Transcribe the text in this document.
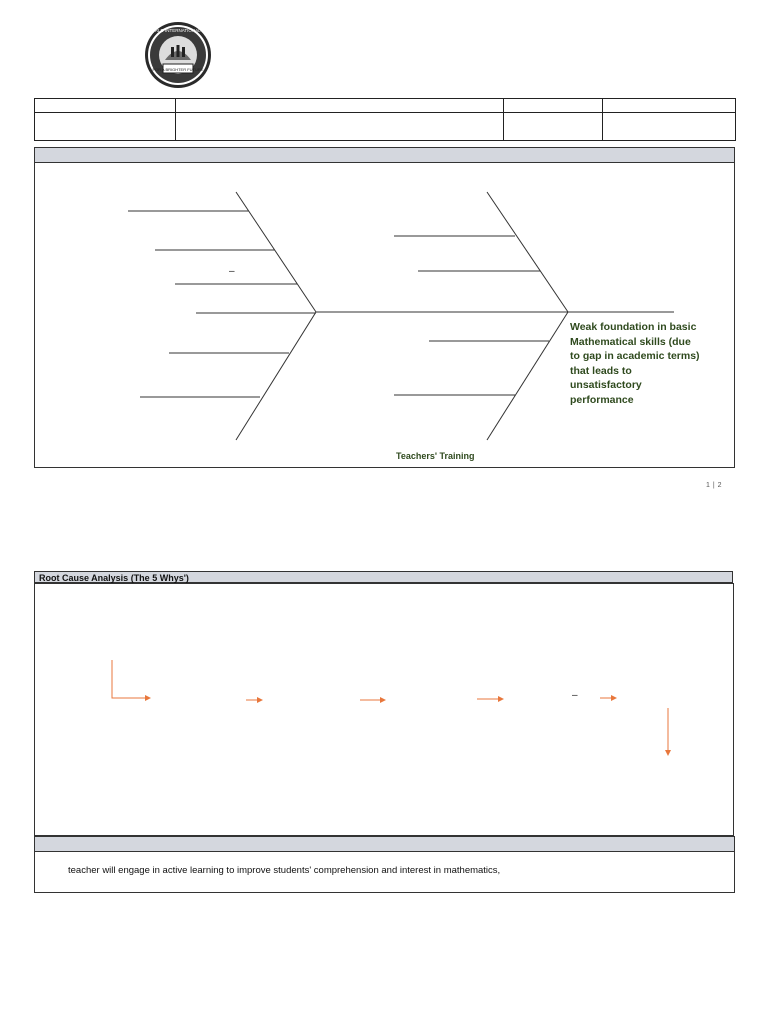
FOR A BRIGHTER FUTURE
NEW WORLD INTERNATIONAL SCHOOL

–
Weak foundation in basic Mathematical skills (due to gap in academic terms) that leads to unsatisfactory performance
Teachers' Training
1 | 2
Root Cause Analysis (The 5 Whys')
–
teacher will engage in active learning to improve students' comprehension and interest in mathematics,
